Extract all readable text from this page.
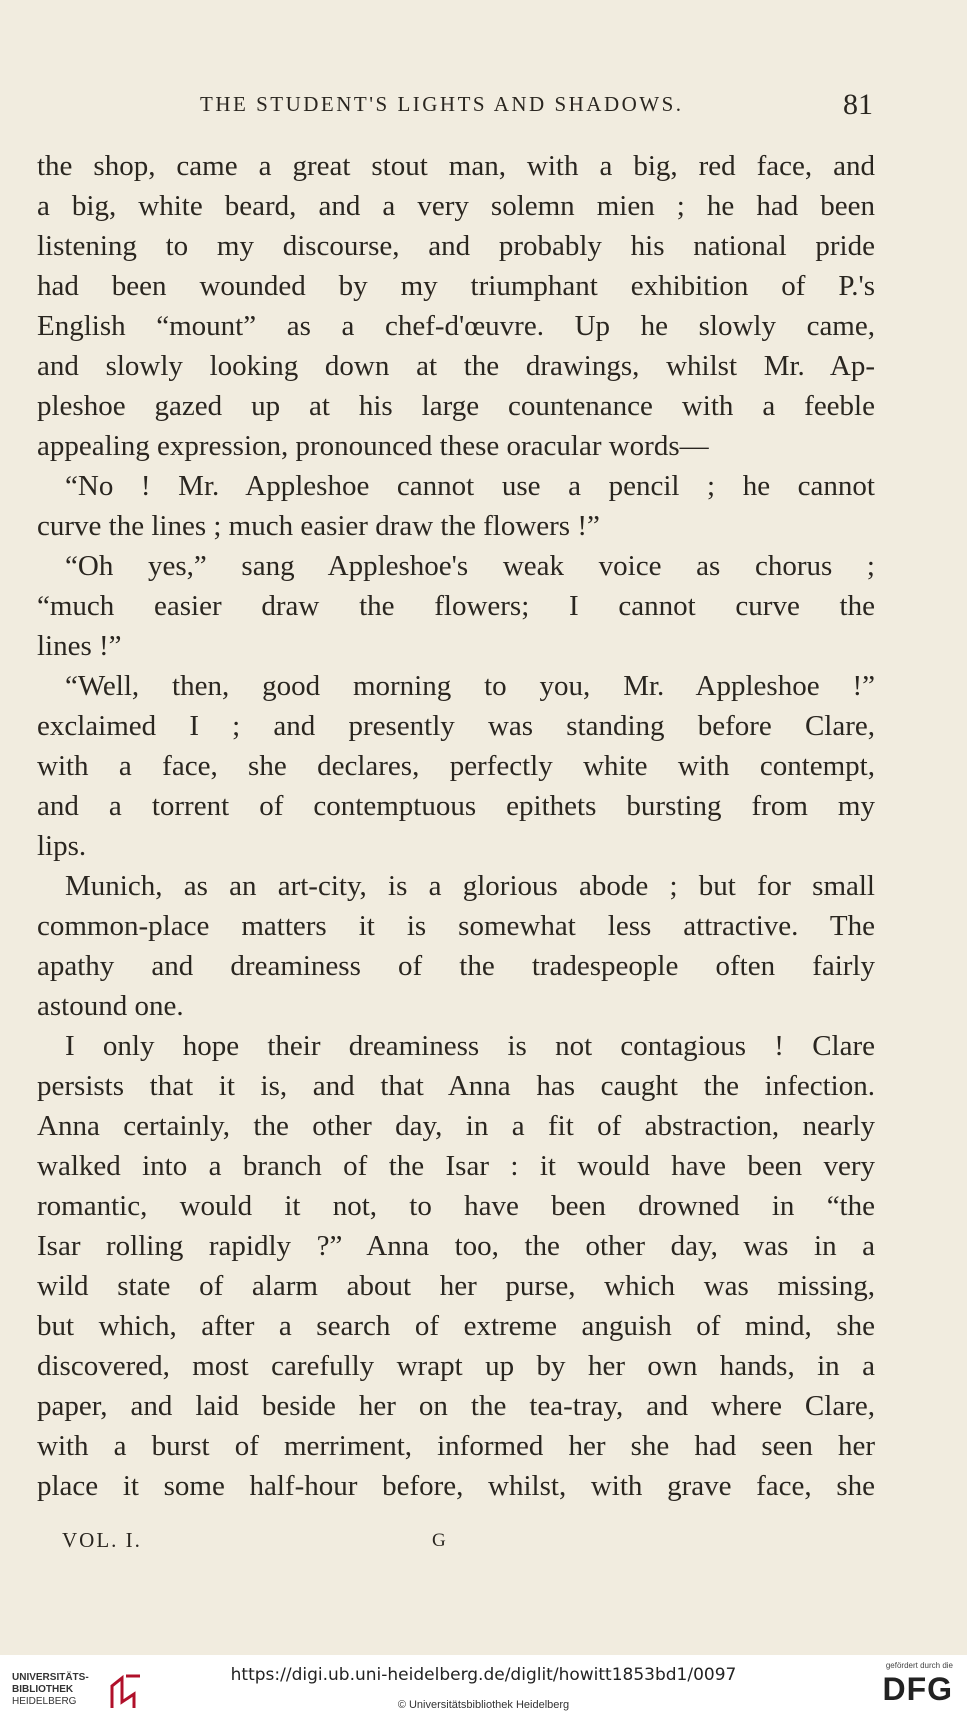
THE STUDENT'S LIGHTS AND SHADOWS.	81
the shop, came a great stout man, with a big, red face, and
a big, white beard, and a very solemn mien ; he had been
listening to my discourse, and probably his national pride
had been wounded by my triumphant exhibition of P.'s
English “mount” as a chef-d'œuvre. Up he slowly came,
and slowly looking down at the drawings, whilst Mr. Ap-
pleshoe gazed up at his large countenance with a feeble
appealing expression, pronounced these oracular words—
“No ! Mr. Appleshoe cannot use a pencil ; he cannot
curve the lines ; much easier draw the flowers !”
“Oh yes,” sang Appleshoe's weak voice as chorus ;
“much easier draw the flowers; I cannot curve the
lines !”
“Well, then, good morning to you, Mr. Appleshoe !”
exclaimed I ; and presently was standing before Clare,
with a face, she declares, perfectly white with contempt,
and a torrent of contemptuous epithets bursting from my
lips.
Munich, as an art-city, is a glorious abode ; but for small
common-place matters it is somewhat less attractive. The
apathy and dreaminess of the tradespeople often fairly
astound one.
I only hope their dreaminess is not contagious ! Clare
persists that it is, and that Anna has caught the infection.
Anna certainly, the other day, in a fit of abstraction, nearly
walked into a branch of the Isar : it would have been very
romantic, would it not, to have been drowned in “the
Isar rolling rapidly ?” Anna too, the other day, was in a
wild state of alarm about her purse, which was missing,
but which, after a search of extreme anguish of mind, she
discovered, most carefully wrapt up by her own hands, in a
paper, and laid beside her on the tea-tray, and where Clare,
with a burst of merriment, informed her she had seen her
place it some half-hour before, whilst, with grave face, she
VOL. I.	G
UNIVERSITÄTS-
BIBLIOTHEK
HEIDELBERG
https://digi.ub.uni-heidelberg.de/diglit/howitt1853bd1/0097
© Universitätsbibliothek Heidelberg
gefördert durch die
DFG
